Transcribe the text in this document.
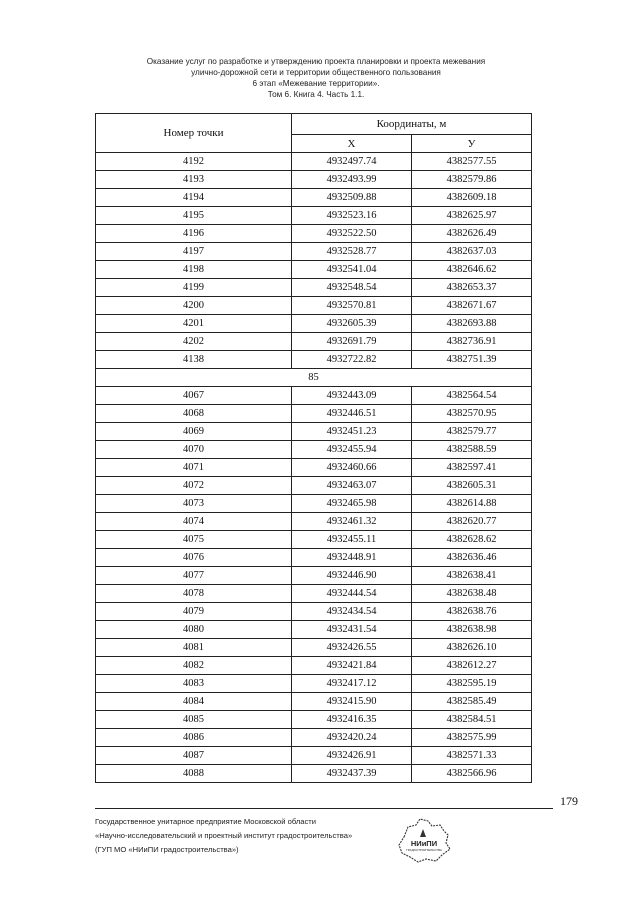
Оказание услуг по разработке и утверждению проекта планировки и проекта межевания
улично-дорожной сети и территории общественного пользования
6 этап «Межевание территории».
Том 6. Книга 4. Часть 1.1.
Номер точки	Координаты, м	
	X	У
4192	4932497.74	4382577.55
4193	4932493.99	4382579.86
4194	4932509.88	4382609.18
4195	4932523.16	4382625.97
4196	4932522.50	4382626.49
4197	4932528.77	4382637.03
4198	4932541.04	4382646.62
4199	4932548.54	4382653.37
4200	4932570.81	4382671.67
4201	4932605.39	4382693.88
4202	4932691.79	4382736.91
4138	4932722.82	4382751.39
85		
4067	4932443.09	4382564.54
4068	4932446.51	4382570.95
4069	4932451.23	4382579.77
4070	4932455.94	4382588.59
4071	4932460.66	4382597.41
4072	4932463.07	4382605.31
4073	4932465.98	4382614.88
4074	4932461.32	4382620.77
4075	4932455.11	4382628.62
4076	4932448.91	4382636.46
4077	4932446.90	4382638.41
4078	4932444.54	4382638.48
4079	4932434.54	4382638.76
4080	4932431.54	4382638.98
4081	4932426.55	4382626.10
4082	4932421.84	4382612.27
4083	4932417.12	4382595.19
4084	4932415.90	4382585.49
4085	4932416.35	4382584.51
4086	4932420.24	4382575.99
4087	4932426.91	4382571.33
4088	4932437.39	4382566.96
179
Государственное унитарное предприятие Московской области
«Научно-исследовательский и проектный институт градостроительства»
(ГУП МО «НИиПИ градостроительства»)
НИиПИ
ГРАДОСТРОИТЕЛЬСТВА
